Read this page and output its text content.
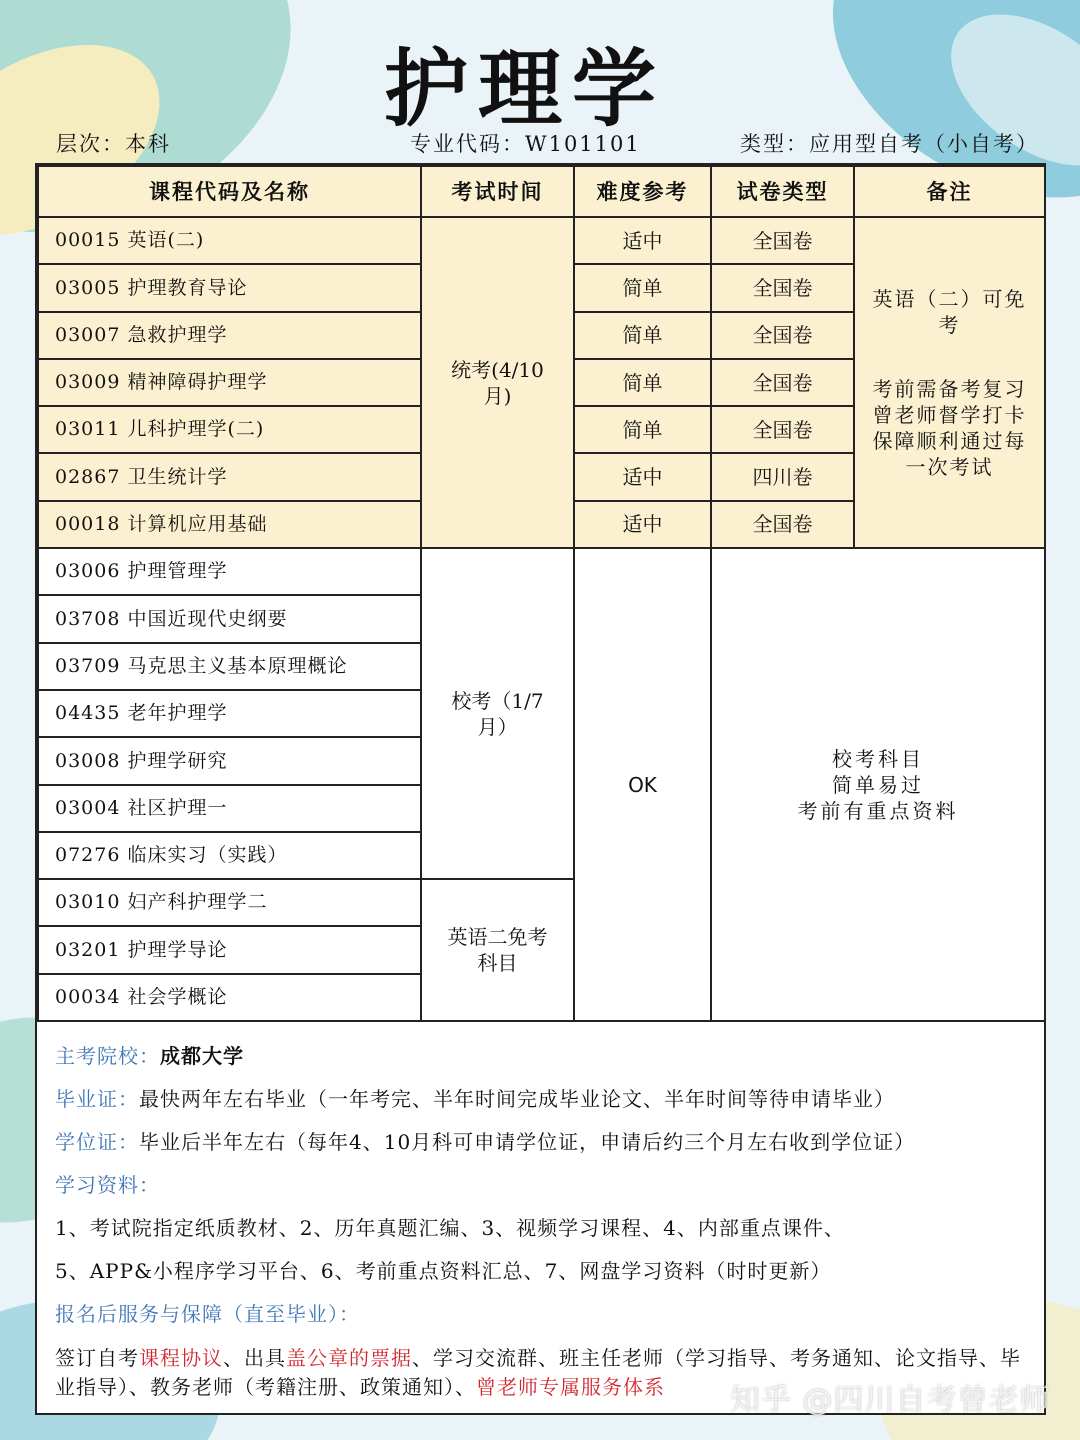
护理学
层次：本科	专业代码：W101101	类型：应用型自考（小自考）
课程代码及名称	考试时间	难度参考	试卷类型	备注
00015 英语(二)	统考(4/10月)	适中	全国卷	英语（二）可免考
考前需备考复习曾老师督学打卡保障顺利通过每一次考试

03005 护理教育导论		简单	全国卷	
03007 急救护理学		简单	全国卷	
03009 精神障碍护理学		简单	全国卷	
03011 儿科护理学(二)		简单	全国卷	
02867 卫生统计学		适中	四川卷	
00018 计算机应用基础		适中	全国卷	
03006 护理管理学	校考（1/7月）	OK	校考科目
简单易过
考前有重点资料	

03708 中国近现代史纲要				
03709 马克思主义基本原理概论				
04435 老年护理学				
03008 护理学研究				
03004 社区护理一				
07276 临床实习（实践）				
03010 妇产科护理学二	英语二免考科目			
03201 护理学导论				
00034 社会学概论				
主考院校：成都大学
毕业证：最快两年左右毕业（一年考完、半年时间完成毕业论文、半年时间等待申请毕业）
学位证：毕业后半年左右（每年4、10月科可申请学位证，申请后约三个月左右收到学位证）
学习资料：
1、考试院指定纸质教材、2、历年真题汇编、3、视频学习课程、4、内部重点课件、
5、APP&小程序学习平台、6、考前重点资料汇总、7、网盘学习资料（时时更新）
报名后服务与保障（直至毕业）：
签订自考课程协议、出具盖公章的票据、学习交流群、班主任老师（学习指导、考务通知、论文指导、毕业指导）、教务老师（考籍注册、政策通知）、曾老师专属服务体系	知乎 @四川自考曾老师
